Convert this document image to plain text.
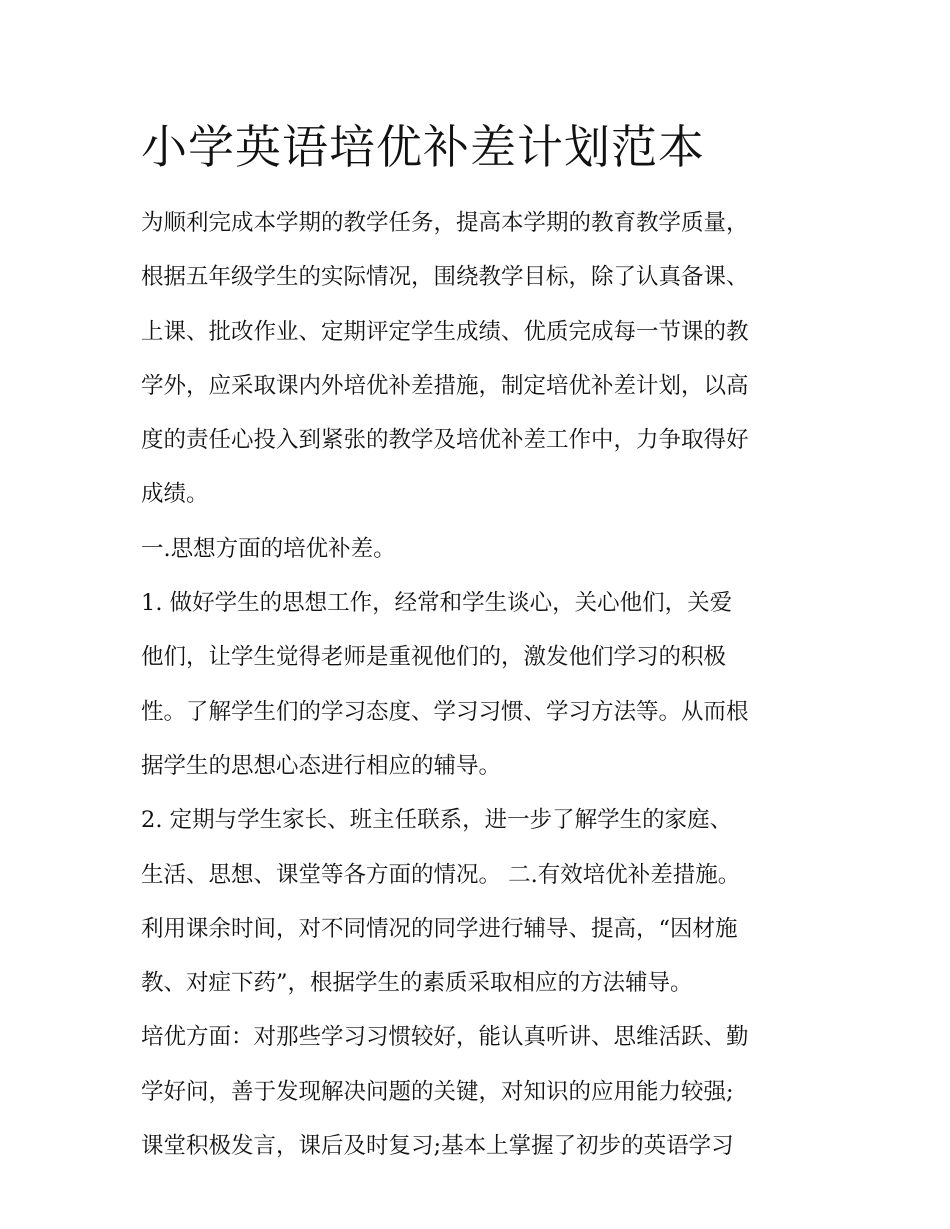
小学英语培优补差计划范本
为顺利完成本学期的教学任务，提高本学期的教育教学质量，
根据五年级学生的实际情况，围绕教学目标，除了认真备课、
上课、批改作业、定期评定学生成绩、优质完成每一节课的教
学外，应采取课内外培优补差措施，制定培优补差计划，以高
度的责任心投入到紧张的教学及培优补差工作中，力争取得好
成绩。
一.思想方面的培优补差。
1. 做好学生的思想工作，经常和学生谈心，关心他们，关爱
他们，让学生觉得老师是重视他们的，激发他们学习的积极
性。了解学生们的学习态度、学习习惯、学习方法等。从而根
据学生的思想心态进行相应的辅导。
2. 定期与学生家长、班主任联系，进一步了解学生的家庭、
生活、思想、课堂等各方面的情况。 二.有效培优补差措施。
利用课余时间，对不同情况的同学进行辅导、提高，“因材施
教、对症下药”，根据学生的素质采取相应的方法辅导。
培优方面：对那些学习习惯较好，能认真听讲、思维活跃、勤
学好问，善于发现解决问题的关键，对知识的应用能力较强;
课堂积极发言，课后及时复习;基本上掌握了初步的英语学习
